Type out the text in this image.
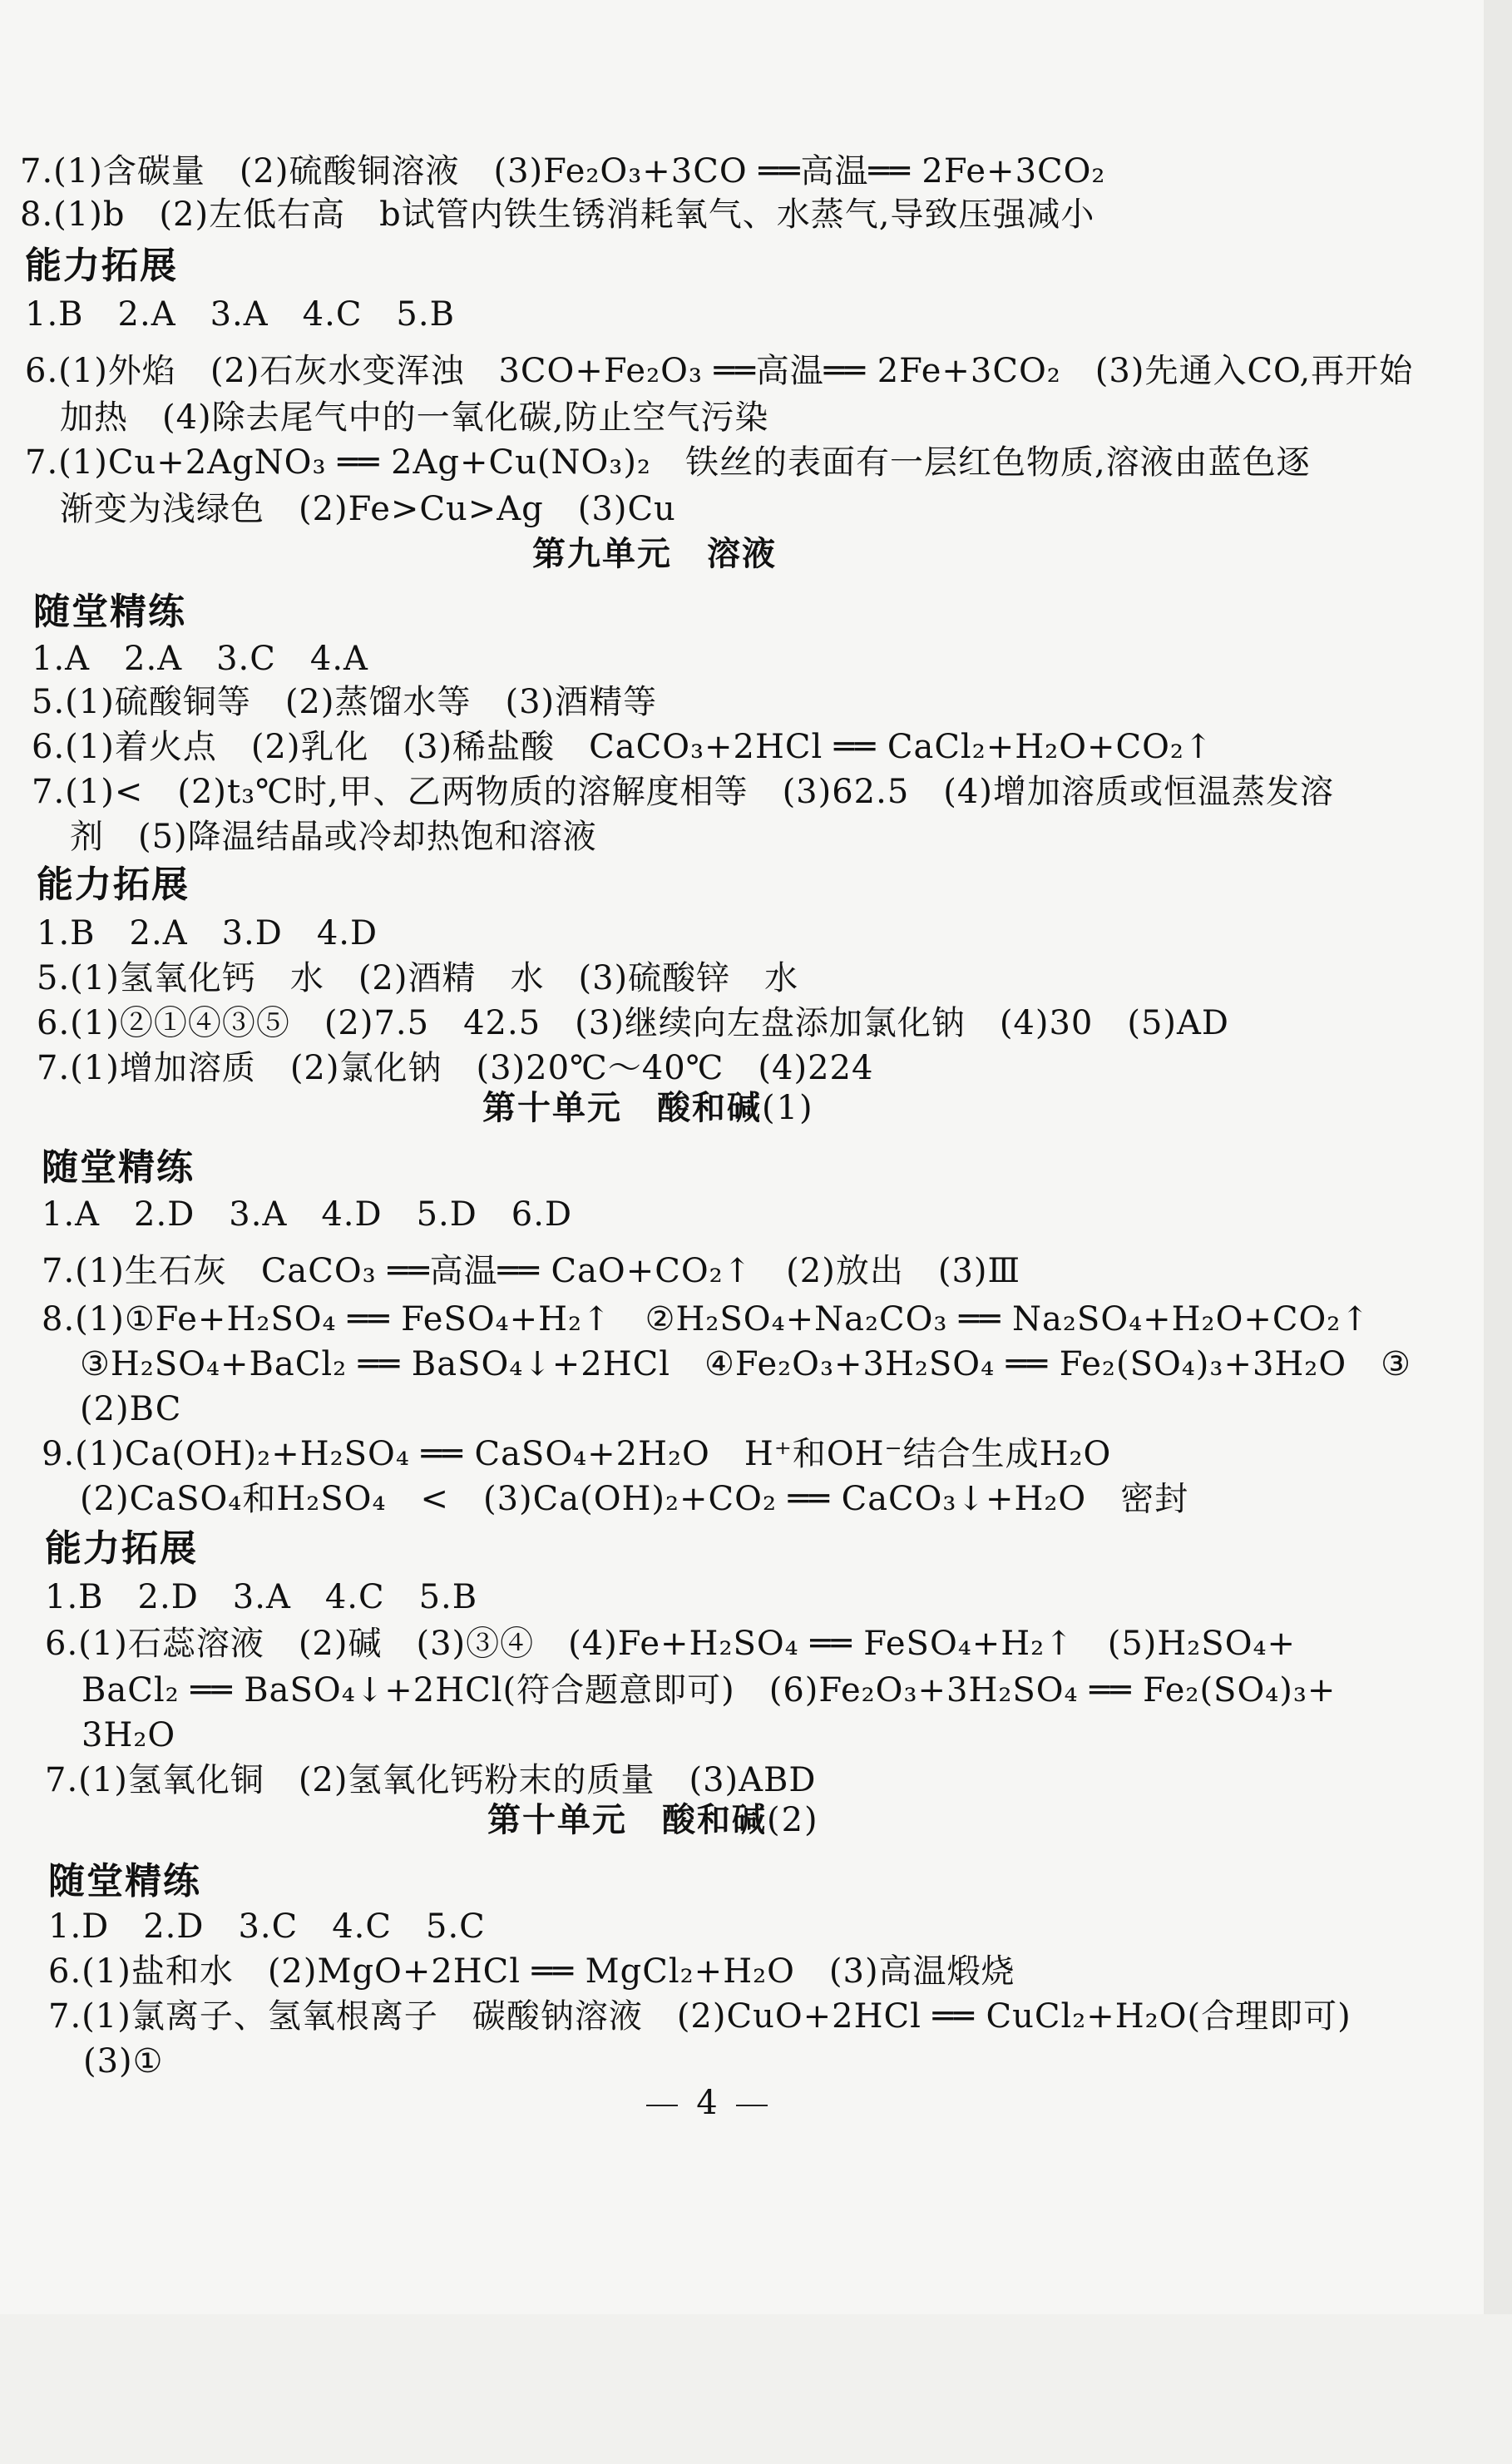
7.(1)含碳量　(2)硫酸铜溶液　(3)Fe₂O₃+3CO ══高温══ 2Fe+3CO₂
8.(1)b　(2)左低右高　b试管内铁生锈消耗氧气、水蒸气,导致压强减小
能力拓展
1.B　2.A　3.A　4.C　5.B
6.(1)外焰　(2)石灰水变浑浊　3CO+Fe₂O₃ ══高温══ 2Fe+3CO₂　(3)先通入CO,再开始
加热　(4)除去尾气中的一氧化碳,防止空气污染
7.(1)Cu+2AgNO₃ ══ 2Ag+Cu(NO₃)₂　铁丝的表面有一层红色物质,溶液由蓝色逐
渐变为浅绿色　(2)Fe>Cu>Ag　(3)Cu
第九单元　溶液
随堂精练
1.A　2.A　3.C　4.A
5.(1)硫酸铜等　(2)蒸馏水等　(3)酒精等
6.(1)着火点　(2)乳化　(3)稀盐酸　CaCO₃+2HCl ══ CaCl₂+H₂O+CO₂↑
7.(1)<　(2)t₃℃时,甲、乙两物质的溶解度相等　(3)62.5　(4)增加溶质或恒温蒸发溶
剂　(5)降温结晶或冷却热饱和溶液
能力拓展
1.B　2.A　3.D　4.D
5.(1)氢氧化钙　水　(2)酒精　水　(3)硫酸锌　水
6.(1)②①④③⑤　(2)7.5　42.5　(3)继续向左盘添加氯化钠　(4)30　(5)AD
7.(1)增加溶质　(2)氯化钠　(3)20℃～40℃　(4)224
第十单元　酸和碱(1)
随堂精练
1.A　2.D　3.A　4.D　5.D　6.D
7.(1)生石灰　CaCO₃ ══高温══ CaO+CO₂↑　(2)放出　(3)Ⅲ
8.(1)①Fe+H₂SO₄ ══ FeSO₄+H₂↑　②H₂SO₄+Na₂CO₃ ══ Na₂SO₄+H₂O+CO₂↑
③H₂SO₄+BaCl₂ ══ BaSO₄↓+2HCl　④Fe₂O₃+3H₂SO₄ ══ Fe₂(SO₄)₃+3H₂O　③
(2)BC
9.(1)Ca(OH)₂+H₂SO₄ ══ CaSO₄+2H₂O　H⁺和OH⁻结合生成H₂O
(2)CaSO₄和H₂SO₄　<　(3)Ca(OH)₂+CO₂ ══ CaCO₃↓+H₂O　密封
能力拓展
1.B　2.D　3.A　4.C　5.B
6.(1)石蕊溶液　(2)碱　(3)③④　(4)Fe+H₂SO₄ ══ FeSO₄+H₂↑　(5)H₂SO₄+
BaCl₂ ══ BaSO₄↓+2HCl(符合题意即可)　(6)Fe₂O₃+3H₂SO₄ ══ Fe₂(SO₄)₃+
3H₂O
7.(1)氢氧化铜　(2)氢氧化钙粉末的质量　(3)ABD
第十单元　酸和碱(2)
随堂精练
1.D　2.D　3.C　4.C　5.C
6.(1)盐和水　(2)MgO+2HCl ══ MgCl₂+H₂O　(3)高温煅烧
7.(1)氯离子、氢氧根离子　碳酸钠溶液　(2)CuO+2HCl ══ CuCl₂+H₂O(合理即可)
(3)①
4
